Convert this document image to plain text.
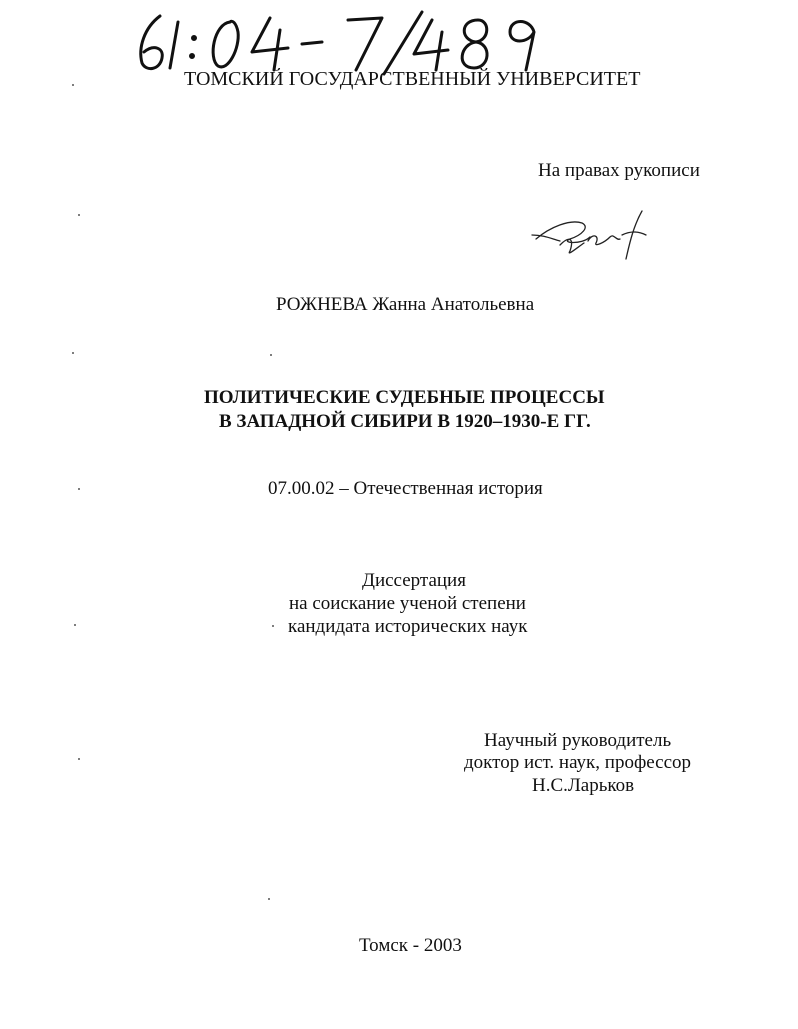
ТОМСКИЙ ГОСУДАРСТВЕННЫЙ УНИВЕРСИТЕТ
На правах рукописи
РОЖНЕВА Жанна Анатольевна
ПОЛИТИЧЕСКИЕ СУДЕБНЫЕ ПРОЦЕССЫ
В ЗАПАДНОЙ СИБИРИ В 1920–1930-Е ГГ.
07.00.02 – Отечественная история
Диссертация
на соискание ученой степени
кандидата исторических наук
Научный руководитель
доктор ист. наук, профессор
Н.С.Ларьков
Томск - 2003
